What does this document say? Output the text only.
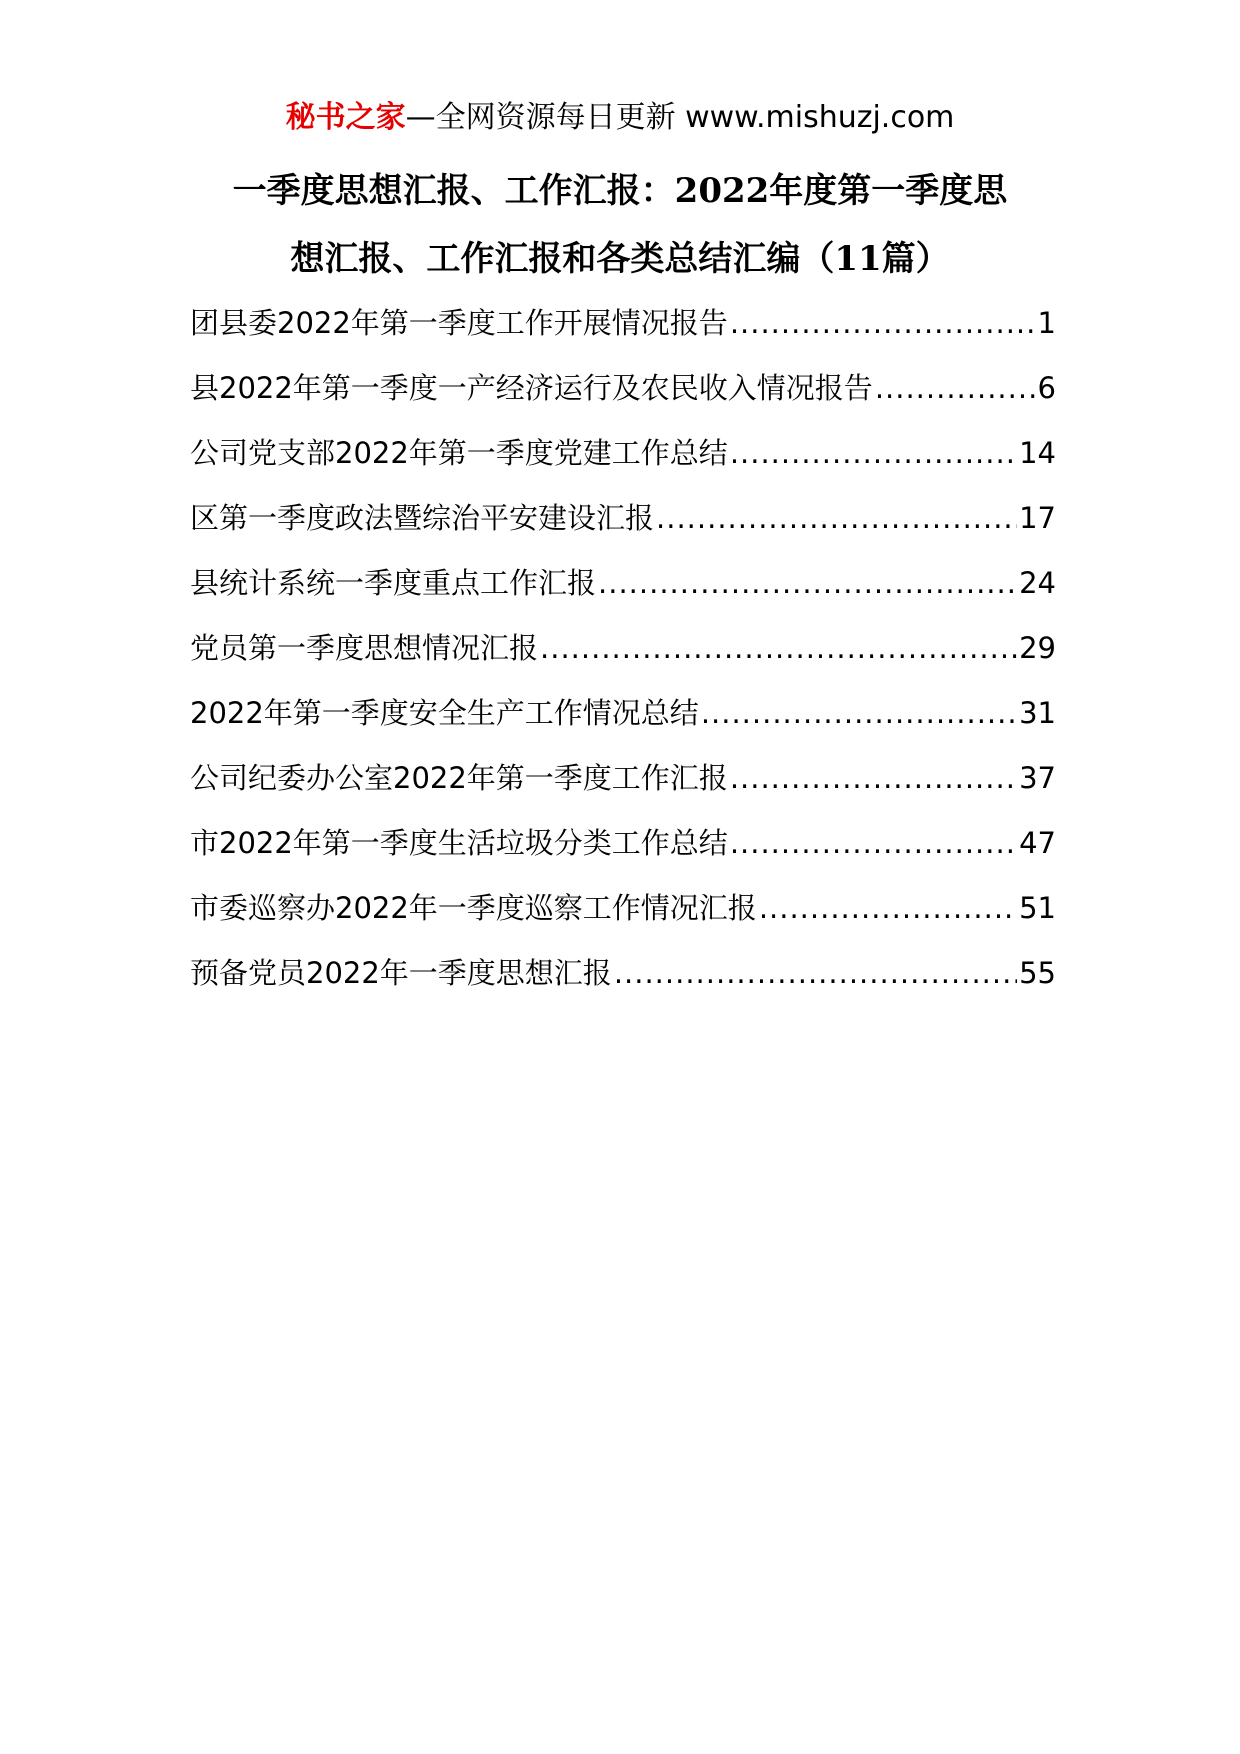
秘书之家—全网资源每日更新 www.mishuzj.com
一季度思想汇报、工作汇报：2022年度第一季度思
想汇报、工作汇报和各类总结汇编（11篇）
团县委2022年第一季度工作开展情况报告 .....	1
县2022年第一季度一产经济运行及农民收入情况报告 .....	6
公司党支部2022年第一季度党建工作总结 .....	14
区第一季度政法暨综治平安建设汇报 .....	17
县统计系统一季度重点工作汇报 .....	24
党员第一季度思想情况汇报 .....	29
2022年第一季度安全生产工作情况总结 .....	31
公司纪委办公室2022年第一季度工作汇报 .....	37
市2022年第一季度生活垃圾分类工作总结 .....	47
市委巡察办2022年一季度巡察工作情况汇报 .....	51
预备党员2022年一季度思想汇报 .....	55
